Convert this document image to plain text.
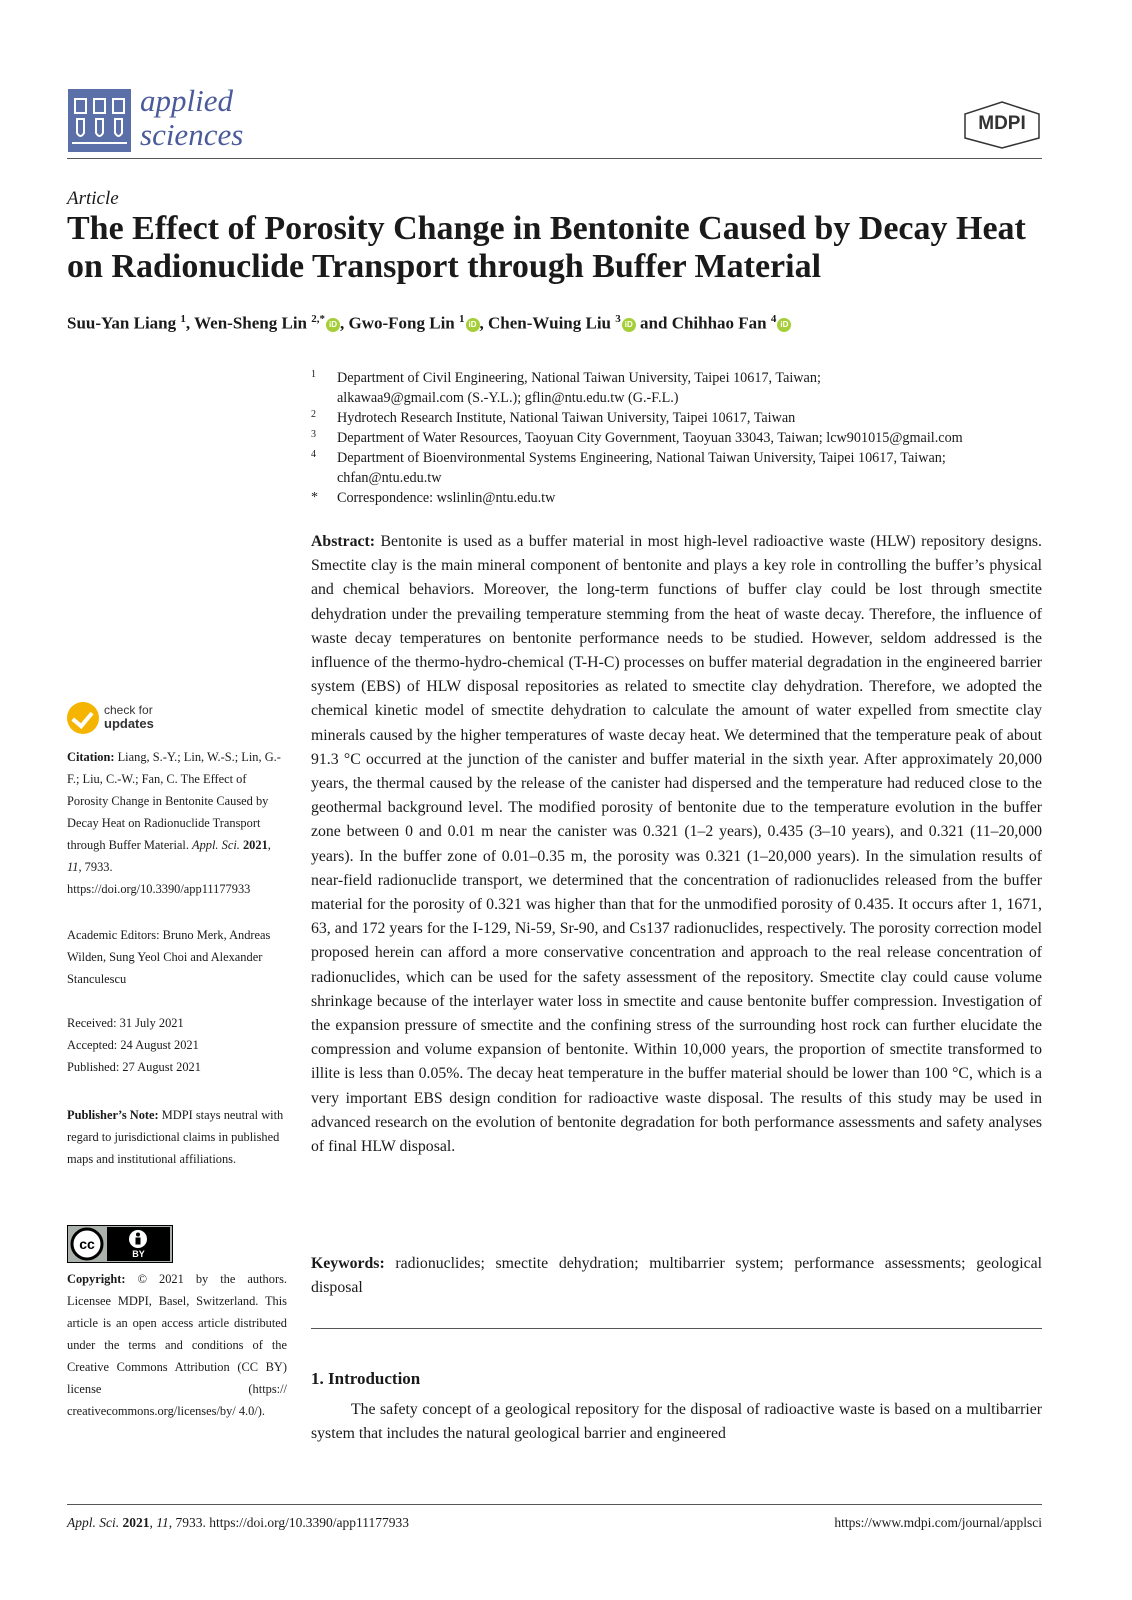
applied
sciences	MDPI
Article
The Effect of Porosity Change in Bentonite Caused by Decay Heat on Radionuclide Transport through Buffer Material
Suu-Yan Liang $^1$, Wen-Sheng Lin $^{2,*}$ iD , Gwo-Fong Lin $^1$ iD , Chen-Wuing Liu $^3$ iD and Chihhao Fan $^4$ iD
1 Department of Civil Engineering, National Taiwan University, Taipei 10617, Taiwan;
alkawaa9@gmail.com (S.-Y.L.); gflin@ntu.edu.tw (G.-F.L.)
2 Hydrotech Research Institute, National Taiwan University, Taipei 10617, Taiwan
3 Department of Water Resources, Taoyuan City Government, Taoyuan 33043, Taiwan; lcw901015@gmail.com
4 Department of Bioenvironmental Systems Engineering, National Taiwan University, Taipei 10617, Taiwan;
chfan@ntu.edu.tw
* Correspondence: wslinlin@ntu.edu.tw
Abstract: Bentonite is used as a buffer material in most high-level radioactive waste (HLW) repository designs. Smectite clay is the main mineral component of bentonite and plays a key role in controlling the buffer’s physical and chemical behaviors. Moreover, the long-term functions of buffer clay could be lost through smectite dehydration under the prevailing temperature stemming from the heat of waste decay. Therefore, the influence of waste decay temperatures on bentonite performance needs to be studied. However, seldom addressed is the influence of the thermo-hydro-chemical (T-H-C) processes on buffer material degradation in the engineered barrier system (EBS) of HLW disposal repositories as related to smectite clay dehydration. Therefore, we adopted the chemical kinetic model of smectite dehydration to calculate the amount of water expelled from smectite clay minerals caused by the higher temperatures of waste decay heat. We determined that the temperature peak of about 91.3 °C occurred at the junction of the canister and buffer material in the sixth year. After approximately 20,000 years, the thermal caused by the release of the canister had dispersed and the temperature had reduced close to the geothermal background level. The modified porosity of bentonite due to the temperature evolution in the buffer zone between 0 and 0.01 m near the canister was 0.321 (1–2 years), 0.435 (3–10 years), and 0.321 (11–20,000 years). In the buffer zone of 0.01–0.35 m, the porosity was 0.321 (1–20,000 years). In the simulation results of near-field radionuclide transport, we determined that the concentration of radionuclides released from the buffer material for the porosity of 0.321 was higher than that for the unmodified porosity of 0.435. It occurs after 1, 1671, 63, and 172 years for the I-129, Ni-59, Sr-90, and Cs137 radionuclides, respectively. The porosity correction model proposed herein can afford a more conservative concentration and approach to the real release concentration of radionuclides, which can be used for the safety assessment of the repository. Smectite clay could cause volume shrinkage because of the interlayer water loss in smectite and cause bentonite buffer compression. Investigation of the expansion pressure of smectite and the confining stress of the surrounding host rock can further elucidate the compression and volume expansion of bentonite. Within 10,000 years, the proportion of smectite transformed to illite is less than 0.05%. The decay heat temperature in the buffer material should be lower than 100 °C, which is a very important EBS design condition for radioactive waste disposal. The results of this study may be used in advanced research on the evolution of bentonite degradation for both performance assessments and safety analyses of final HLW disposal.
Keywords: radionuclides; smectite dehydration; multibarrier system; performance assessments; geological disposal
1. Introduction
The safety concept of a geological repository for the disposal of radioactive waste is based on a multibarrier system that includes the natural geological barrier and engineered
check for
updates
Citation: Liang, S.-Y.; Lin, W.-S.; Lin, G.-F.; Liu, C.-W.; Fan, C. The Effect of Porosity Change in Bentonite Caused by Decay Heat on Radionuclide Transport through Buffer Material. Appl. Sci. 2021, 11, 7933. https://doi.org/10.3390/app11177933
Academic Editors: Bruno Merk, Andreas Wilden, Sung Yeol Choi and Alexander Stanculescu
Received: 31 July 2021
Accepted: 24 August 2021
Published: 27 August 2021
Publisher’s Note: MDPI stays neutral with regard to jurisdictional claims in published maps and institutional affiliations.
cc
BY
Copyright: © 2021 by the authors. Licensee MDPI, Basel, Switzerland. This article is an open access article distributed under the terms and conditions of the Creative Commons Attribution (CC BY) license (https:// creativecommons.org/licenses/by/ 4.0/).
Appl. Sci. 2021, 11, 7933. https://doi.org/10.3390/app11177933	https://www.mdpi.com/journal/applsci
